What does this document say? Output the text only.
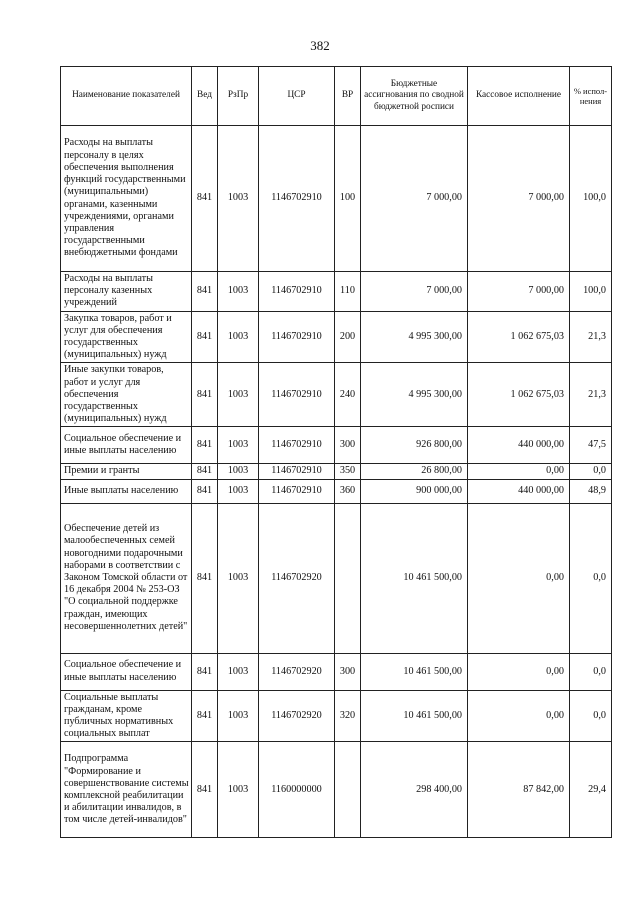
382
Наименование показателей	Вед	РзПр	ЦСР	ВР	Бюджетные ассигнования по сводной бюджетной росписи	Кассовое исполнение	% испол-нения
Расходы на выплаты персоналу в целях обеспечения выполнения функций государственными (муниципальными) органами, казенными учреждениями, органами управления государственными внебюджетными фондами	841	1003	1146702910	100	7 000,00	7 000,00	100,0
Расходы на выплаты персоналу казенных учреждений	841	1003	1146702910	110	7 000,00	7 000,00	100,0
Закупка товаров, работ и услуг для обеспечения государственных (муниципальных) нужд	841	1003	1146702910	200	4 995 300,00	1 062 675,03	21,3
Иные закупки товаров, работ и услуг для обеспечения государственных (муниципальных) нужд	841	1003	1146702910	240	4 995 300,00	1 062 675,03	21,3
Социальное обеспечение и иные выплаты населению	841	1003	1146702910	300	926 800,00	440 000,00	47,5
Премии и гранты	841	1003	1146702910	350	26 800,00	0,00	0,0
Иные выплаты населению	841	1003	1146702910	360	900 000,00	440 000,00	48,9
Обеспечение детей из малообеспеченных семей новогодними подарочными наборами в соответствии с Законом Томской области от 16 декабря 2004 № 253-ОЗ "О социальной поддержке граждан, имеющих несовершеннолетних детей"	841	1003	1146702920		10 461 500,00	0,00	0,0
Социальное обеспечение и иные выплаты населению	841	1003	1146702920	300	10 461 500,00	0,00	0,0
Социальные выплаты гражданам, кроме публичных нормативных социальных выплат	841	1003	1146702920	320	10 461 500,00	0,00	0,0
Подпрограмма "Формирование и совершенствование системы комплексной реабилитации и абилитации инвалидов, в том числе детей-инвалидов"	841	1003	1160000000		298 400,00	87 842,00	29,4
